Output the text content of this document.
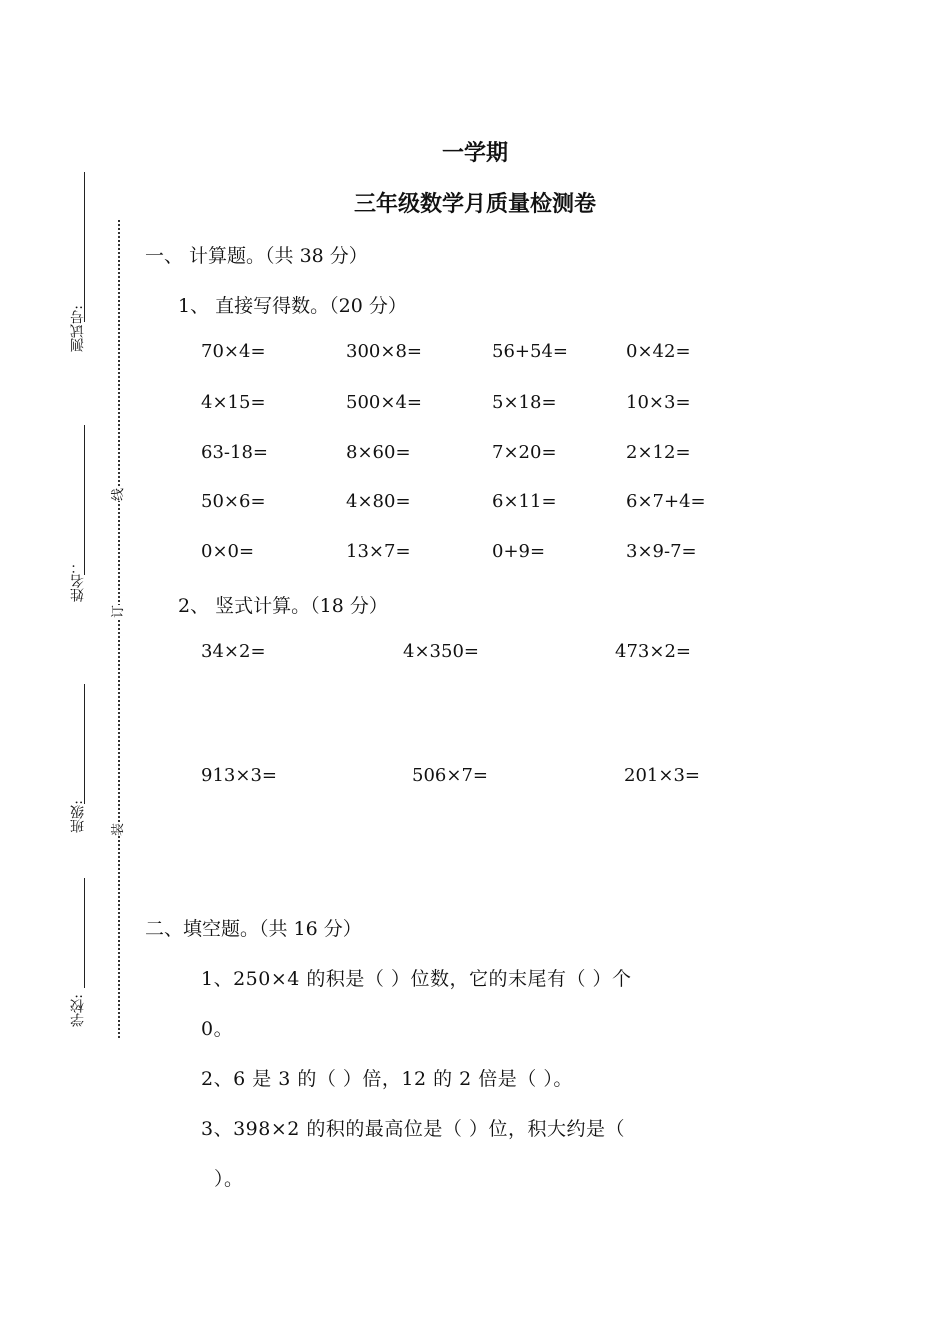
一学期
三年级数学月质量检测卷
测试号:
姓名：
班级:
学校:
线
订
装
一、 计算题。（共 38 分）
1、 直接写得数。（20 分）
70×4=	300×8=	56+54=	0×42=
4×15=	500×4=	5×18=	10×3=
63-18=	8×60=	7×20=	2×12=
50×6=	4×80=	6×11=	6×7+4=
0×0=	13×7=	0+9=	3×9-7=
2、 竖式计算。（18 分）
34×2=	4×350=	473×2=
913×3=	506×7=	201×3=
二、填空题。（共 16 分）
1、250×4 的积是（ ）位数，它的末尾有（ ）个
0。
2、6 是 3 的（ ）倍，12 的 2 倍是（ ）。
3、398×2 的积的最高位是（ ）位，积大约是（
）。
